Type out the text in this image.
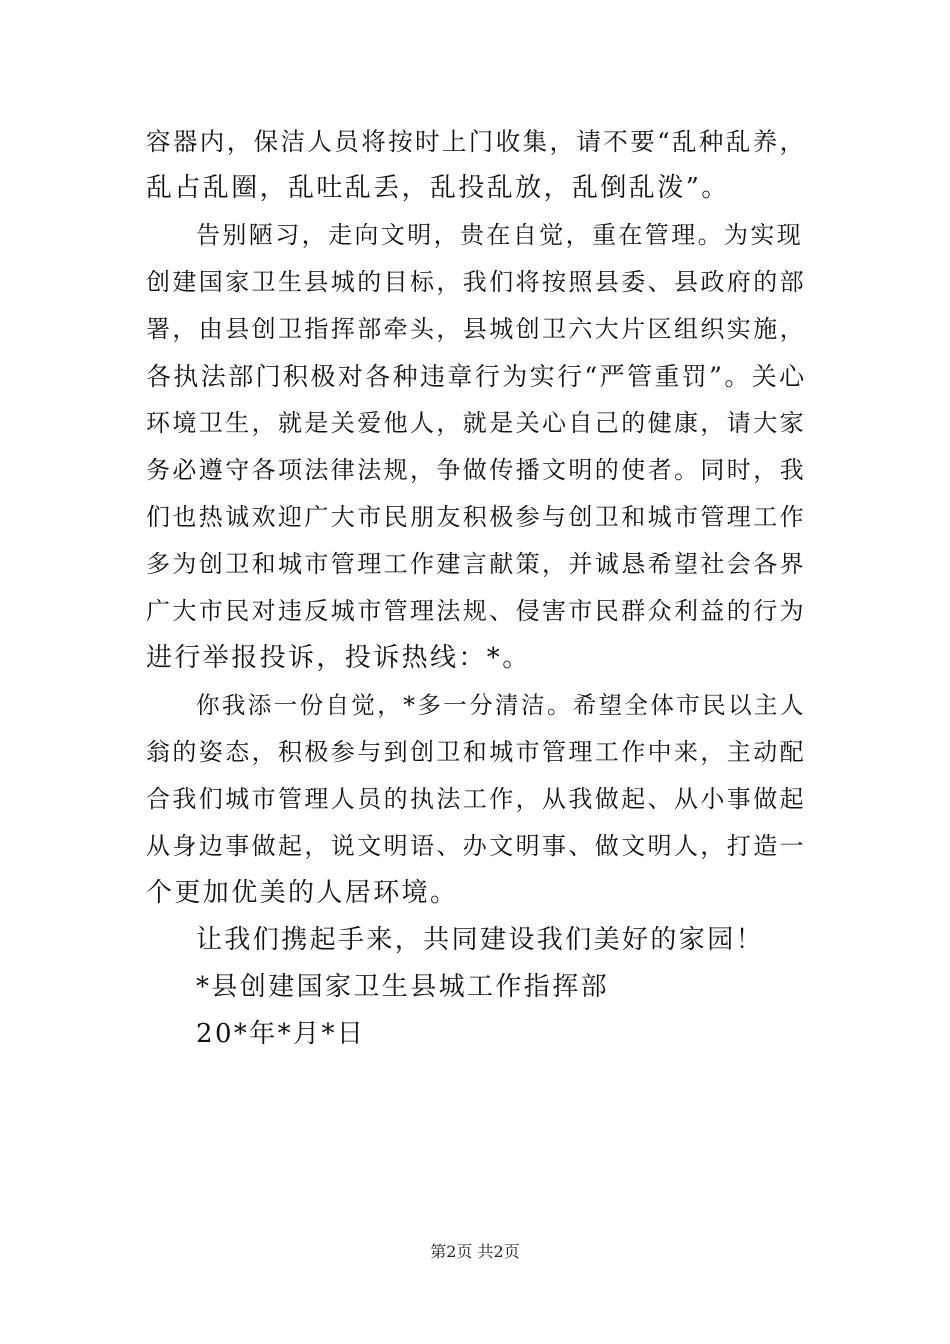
容器内，保洁人员将按时上门收集，请不要“乱种乱养，
乱占乱圈，乱吐乱丢，乱投乱放，乱倒乱泼”。
告别陋习，走向文明，贵在自觉，重在管理。为实现
创建国家卫生县城的目标，我们将按照县委、县政府的部
署，由县创卫指挥部牵头，县城创卫六大片区组织实施，
各执法部门积极对各种违章行为实行“严管重罚”。关心
环境卫生，就是关爱他人，就是关心自己的健康，请大家
务必遵守各项法律法规，争做传播文明的使者。同时，我
们也热诚欢迎广大市民朋友积极参与创卫和城市管理工作
多为创卫和城市管理工作建言献策，并诚恳希望社会各界
广大市民对违反城市管理法规、侵害市民群众利益的行为
进行举报投诉，投诉热线：*。
你我添一份自觉，*多一分清洁。希望全体市民以主人
翁的姿态，积极参与到创卫和城市管理工作中来，主动配
合我们城市管理人员的执法工作，从我做起、从小事做起
从身边事做起，说文明语、办文明事、做文明人，打造一
个更加优美的人居环境。
让我们携起手来，共同建设我们美好的家园！
*县创建国家卫生县城工作指挥部
20*年*月*日
第2页 共2页
